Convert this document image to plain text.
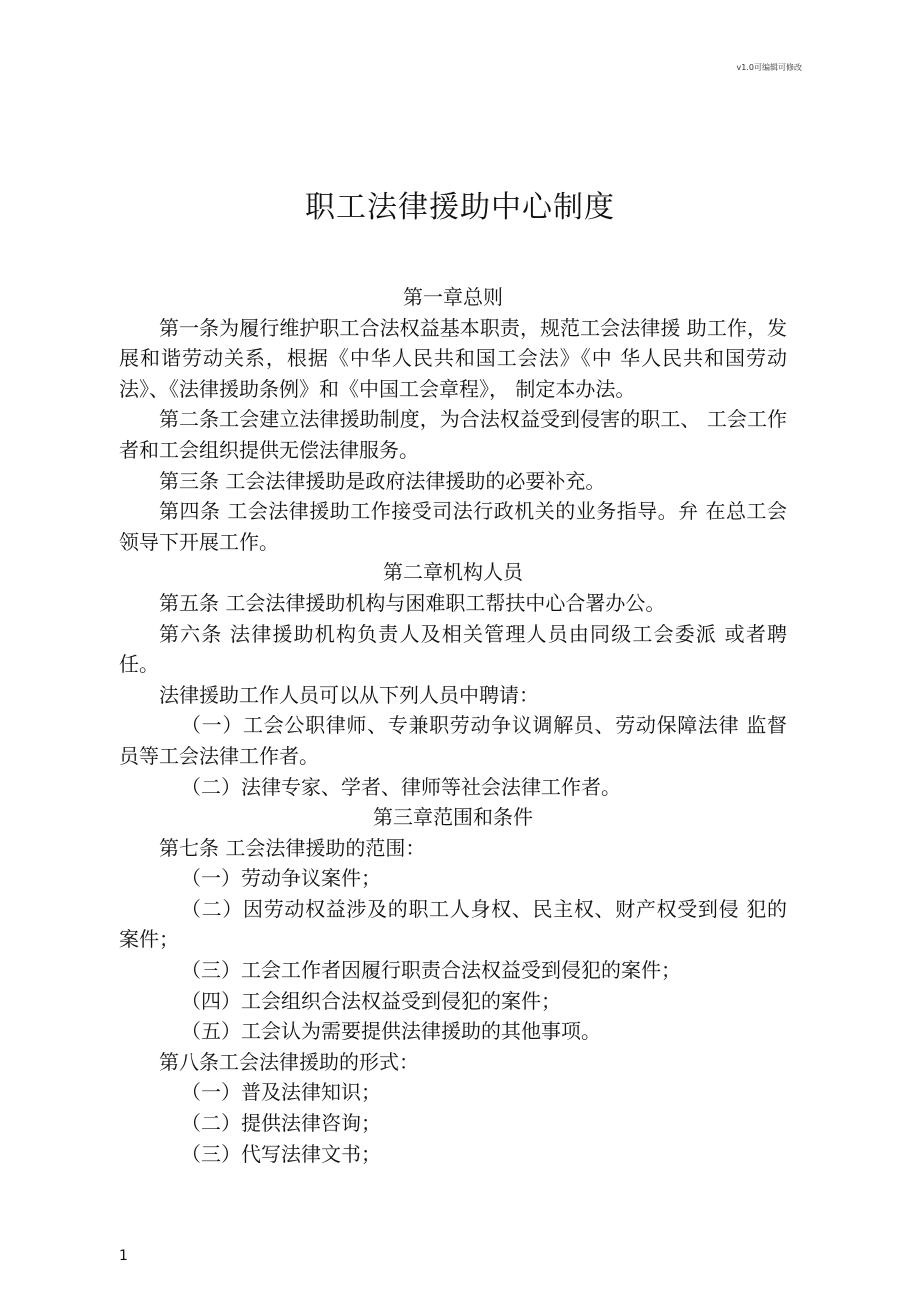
v1.0可编辑可修改
职工法律援助中心制度

第一章总则

第一条为履行维护职工合法权益基本职责，规范工会法律援 助工作，发展和谐劳动关系，根据《中华人民共和国工会法》《中 华人民共和国劳动法》、《法律援助条例》和《中国工会章程》， 制定本办法。

第二条工会建立法律援助制度，为合法权益受到侵害的职工、 工会工作者和工会组织提供无偿法律服务。

第三条 工会法律援助是政府法律援助的必要补充。

第四条 工会法律援助工作接受司法行政机关的业务指导。弁 在总工会领导下开展工作。

第二章机构人员

第五条 工会法律援助机构与困难职工帮扶中心合署办公。

第六条 法律援助机构负责人及相关管理人员由同级工会委派 或者聘任。

法律援助工作人员可以从下列人员中聘请：

（一）工会公职律师、专兼职劳动争议调解员、劳动保障法律 监督员等工会法律工作者。

（二）法律专家、学者、律师等社会法律工作者。

第三章范围和条件

第七条 工会法律援助的范围：

（一）劳动争议案件；

（二）因劳动权益涉及的职工人身权、民主权、财产权受到侵 犯的案件；

（三）工会工作者因履行职责合法权益受到侵犯的案件；

（四）工会组织合法权益受到侵犯的案件；

（五）工会认为需要提供法律援助的其他事项。

第八条工会法律援助的形式：

（一）普及法律知识；

（二）提供法律咨询；

（三）代写法律文书；

1
